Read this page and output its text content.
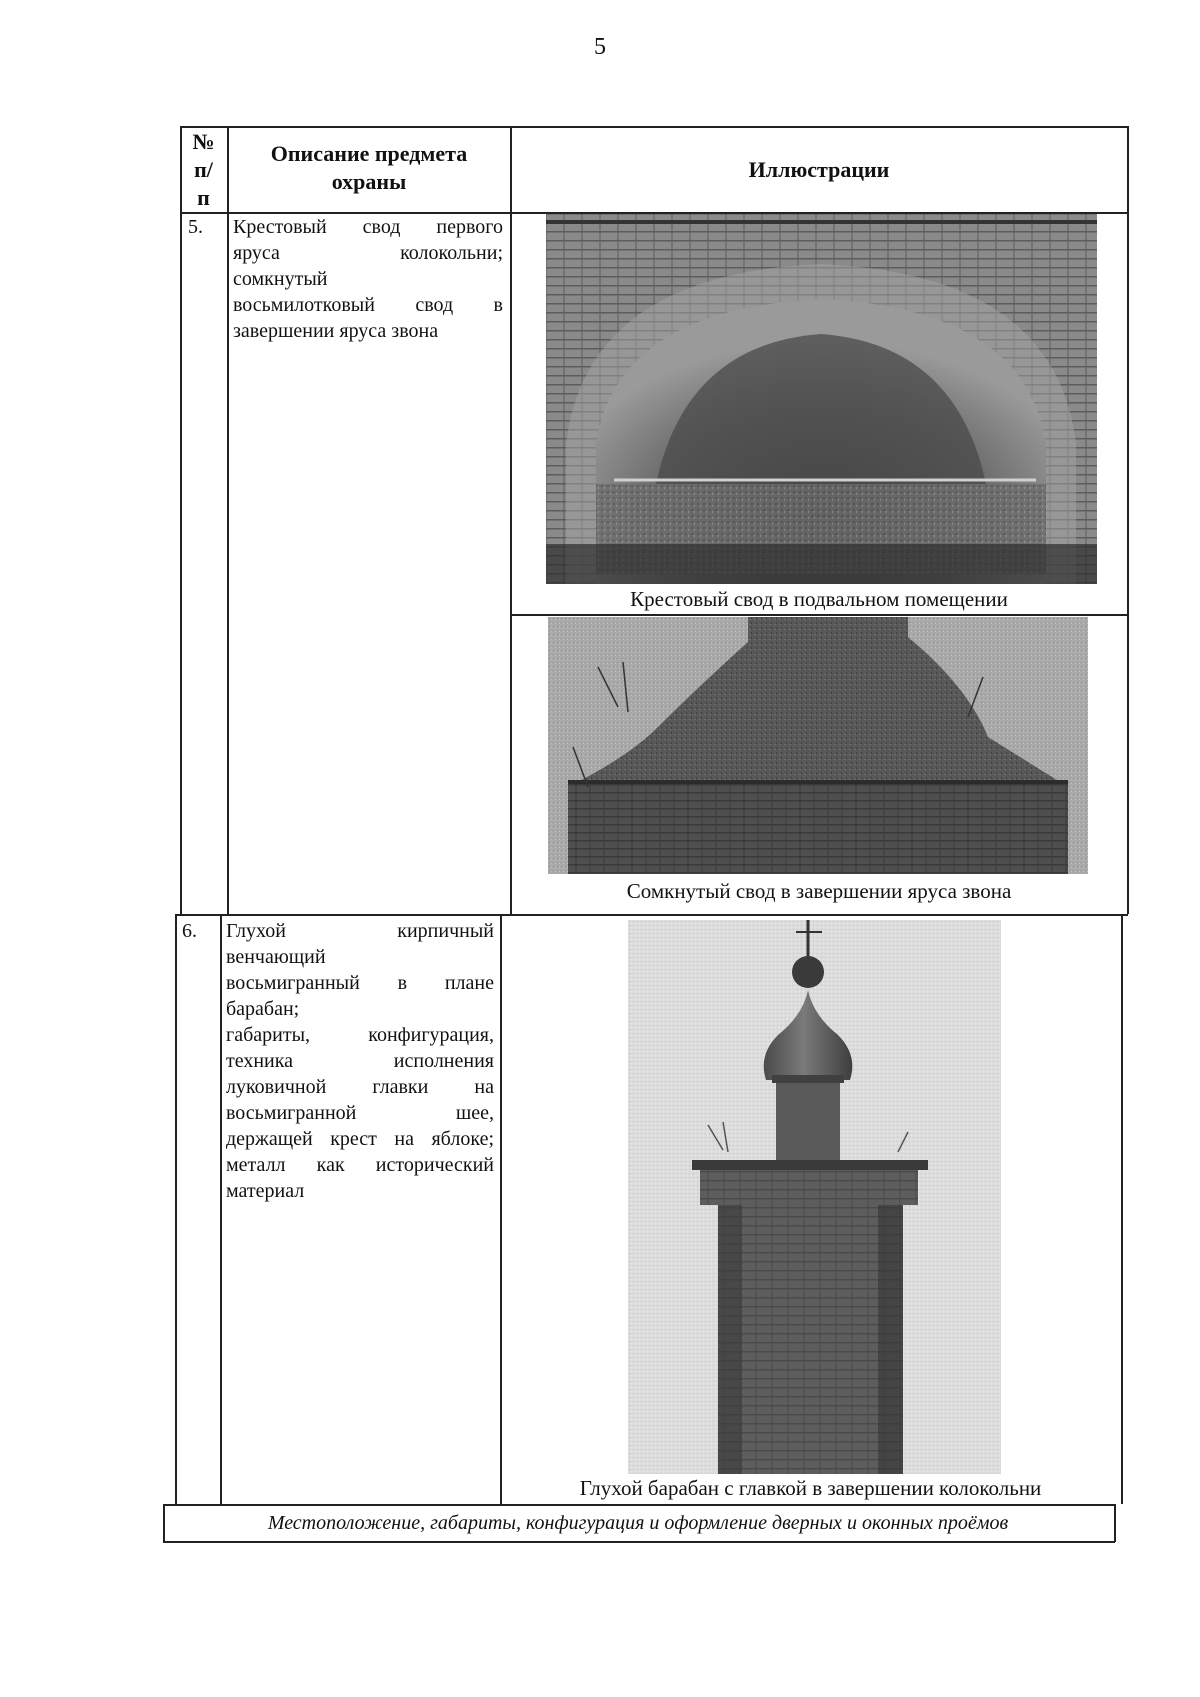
5
№
п/
п
Описание предмета
охраны	Иллюстрации
5. Крестовый свод первого
яруса колокольни;
сомкнутый
восьмилотковый свод в
завершении яруса звона
Крестовый свод в подвальном помещении
Сомкнутый свод в завершении яруса звона
6. Глухой кирпичный
венчающий
восьмигранный в плане
барабан;
габариты, конфигурация,
техника исполнения
луковичной главки на
восьмигранной шее,
держащей крест на яблоке;
металл как исторический
материал
Глухой барабан с главкой в завершении колокольни
Местоположение, габариты, конфигурация и оформление дверных и оконных проёмов
